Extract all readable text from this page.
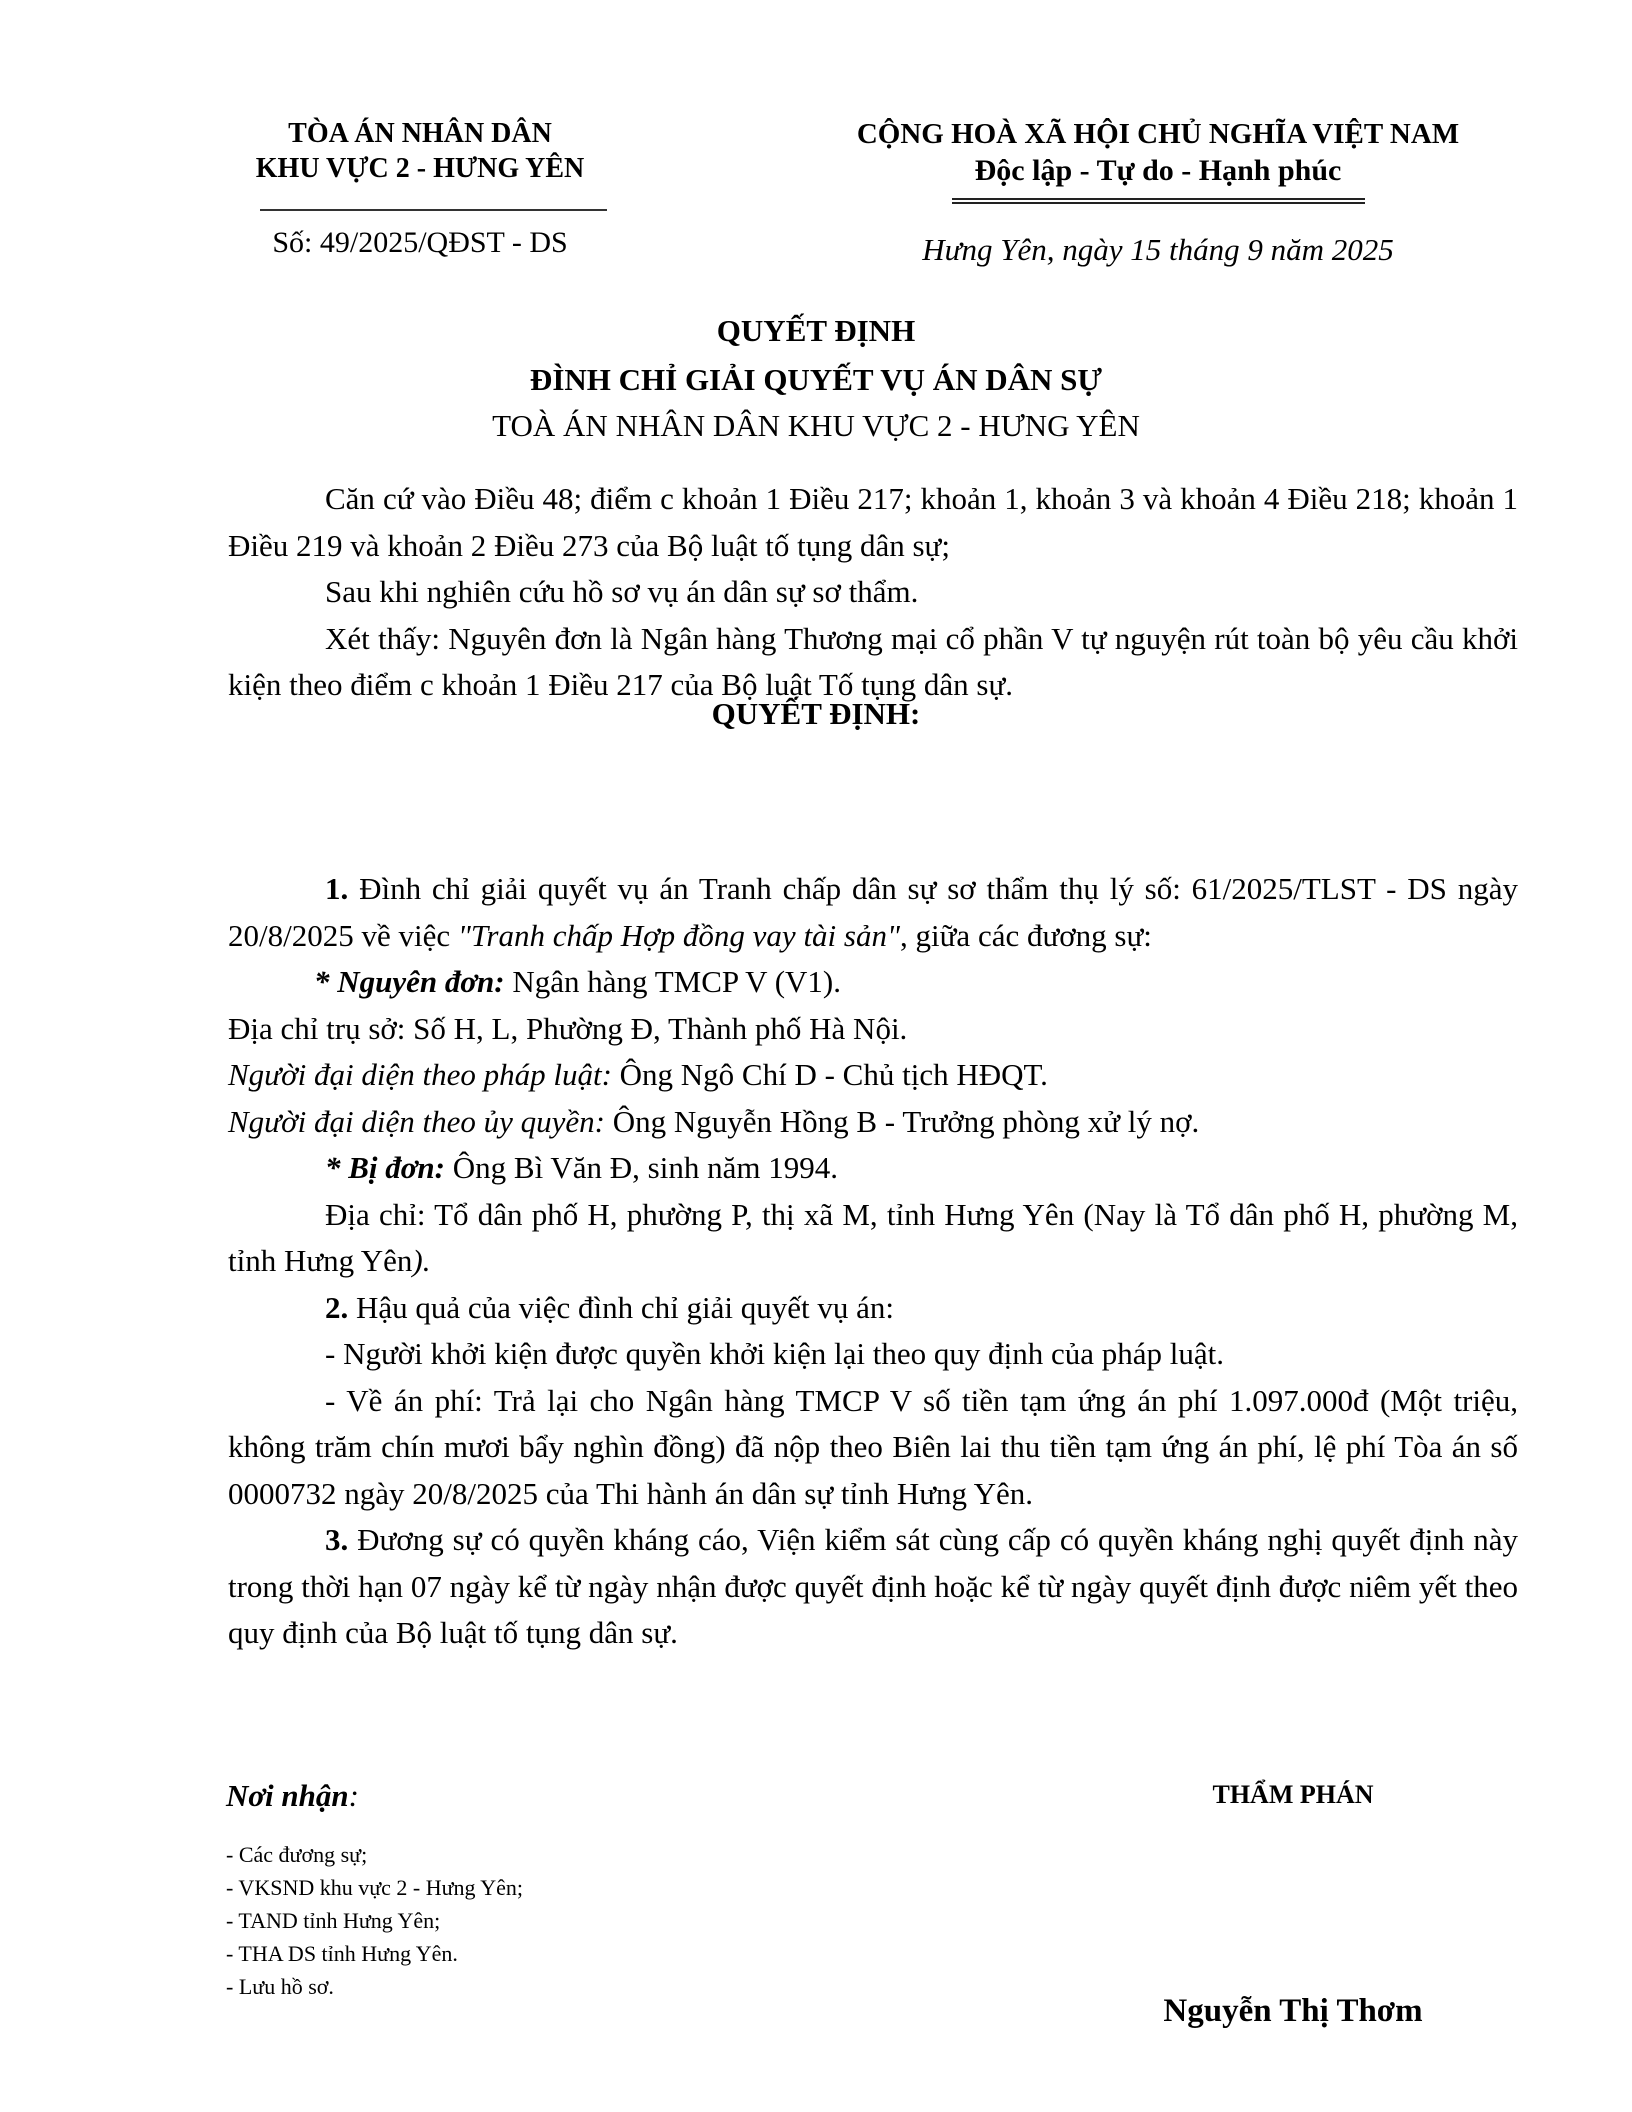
TÒA ÁN NHÂN DÂN
KHU VỰC 2 - HƯNG YÊN
Số: 49/2025/QĐST - DS
CỘNG HOÀ XÃ HỘI CHỦ NGHĨA VIỆT NAM
Độc lập - Tự do - Hạnh phúc
Hưng Yên, ngày 15 tháng 9 năm 2025
QUYẾT ĐỊNH
ĐÌNH CHỈ GIẢI QUYẾT VỤ ÁN DÂN SỰ
TOÀ ÁN NHÂN DÂN KHU VỰC 2 - HƯNG YÊN

Căn cứ vào Điều 48; điểm c khoản 1 Điều 217; khoản 1, khoản 3 và khoản 4 Điều 218; khoản 1 Điều 219 và khoản 2 Điều 273 của Bộ luật tố tụng dân sự;

Sau khi nghiên cứu hồ sơ vụ án dân sự sơ thẩm.

Xét thấy: Nguyên đơn là Ngân hàng Thương mại cổ phần V tự nguyện rút toàn bộ yêu cầu khởi kiện theo điểm c khoản 1 Điều 217 của Bộ luật Tố tụng dân sự.

QUYẾT ĐỊNH:

1. Đình chỉ giải quyết vụ án Tranh chấp dân sự sơ thẩm thụ lý số: 61/2025/TLST - DS ngày 20/8/2025 về việc "Tranh chấp Hợp đồng vay tài sản", giữa các đương sự:

* Nguyên đơn: Ngân hàng TMCP V (V1).

Địa chỉ trụ sở: Số H, L, Phường Đ, Thành phố Hà Nội.

Người đại diện theo pháp luật: Ông Ngô Chí D - Chủ tịch HĐQT.

Người đại diện theo ủy quyền: Ông Nguyễn Hồng B - Trưởng phòng xử lý nợ.

* Bị đơn: Ông Bì Văn Đ, sinh năm 1994.

Địa chỉ: Tổ dân phố H, phường P, thị xã M, tỉnh Hưng Yên (Nay là Tổ dân phố H, phường M, tỉnh Hưng Yên).

2. Hậu quả của việc đình chỉ giải quyết vụ án:

- Người khởi kiện được quyền khởi kiện lại theo quy định của pháp luật.

- Về án phí: Trả lại cho Ngân hàng TMCP V số tiền tạm ứng án phí 1.097.000đ (Một triệu, không trăm chín mươi bẩy nghìn đồng) đã nộp theo Biên lai thu tiền tạm ứng án phí, lệ phí Tòa án số 0000732 ngày 20/8/2025 của Thi hành án dân sự tỉnh Hưng Yên.

3. Đương sự có quyền kháng cáo, Viện kiểm sát cùng cấp có quyền kháng nghị quyết định này trong thời hạn 07 ngày kể từ ngày nhận được quyết định hoặc kể từ ngày quyết định được niêm yết theo quy định của Bộ luật tố tụng dân sự.

Nơi nhận:
- Các đương sự;
- VKSND khu vực 2 - Hưng Yên;
- TAND tỉnh Hưng Yên;
- THA DS tỉnh Hưng Yên.
- Lưu hồ sơ.
THẨM PHÁN
Nguyễn Thị Thơm
